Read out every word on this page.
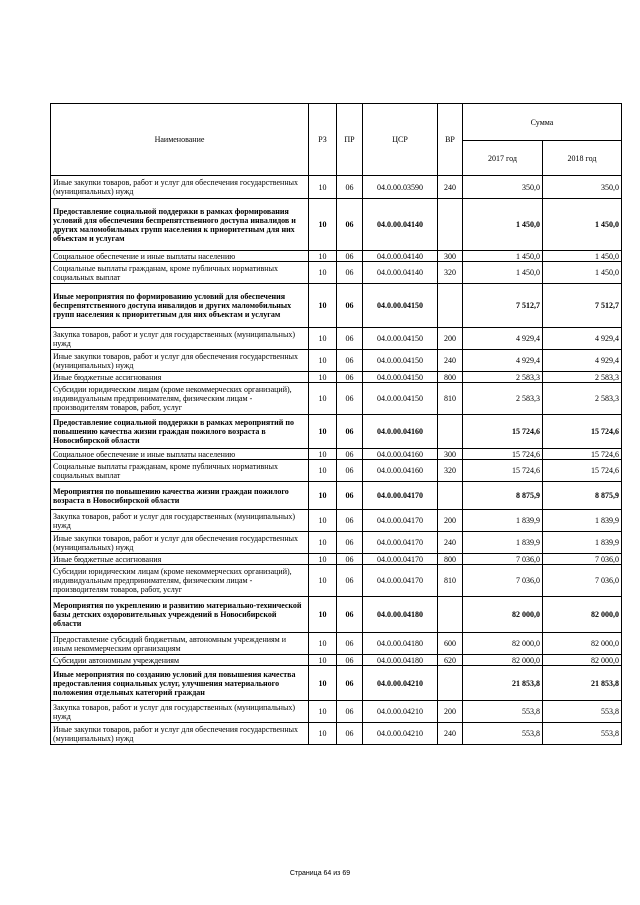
Наименование	РЗ	ПР	ЦСР	ВР	Сумма	
					2017 год	2018 год
Иные закупки товаров, работ и услуг для обеспечения государственных (муниципальных) нужд	10	06	04.0.00.03590	240	350,0	350,0
Предоставление социальной поддержки в рамках формирования условий для обеспечения беспрепятственного доступа инвалидов и других маломобильных групп населения к приоритетным для них объектам и услугам	10	06	04.0.00.04140		1 450,0	1 450,0
Социальное обеспечение и иные выплаты населению	10	06	04.0.00.04140	300	1 450,0	1 450,0
Социальные выплаты гражданам, кроме публичных нормативных социальных выплат	10	06	04.0.00.04140	320	1 450,0	1 450,0
Иные мероприятия по формированию условий для обеспечения беспрепятственного доступа инвалидов и других маломобильных групп населения к приоритетным для них объектам и услугам	10	06	04.0.00.04150		7 512,7	7 512,7
Закупка товаров, работ и услуг для государственных (муниципальных) нужд	10	06	04.0.00.04150	200	4 929,4	4 929,4
Иные закупки товаров, работ и услуг для обеспечения государственных (муниципальных) нужд	10	06	04.0.00.04150	240	4 929,4	4 929,4
Иные бюджетные ассигнования	10	06	04.0.00.04150	800	2 583,3	2 583,3
Субсидии юридическим лицам (кроме некоммерческих организаций), индивидуальным предпринимателям, физическим лицам - производителям товаров, работ, услуг	10	06	04.0.00.04150	810	2 583,3	2 583,3
Предоставление социальной поддержки в рамках мероприятий по повышению качества жизни граждан пожилого возраста в Новосибирской области	10	06	04.0.00.04160		15 724,6	15 724,6
Социальное обеспечение и иные выплаты населению	10	06	04.0.00.04160	300	15 724,6	15 724,6
Социальные выплаты гражданам, кроме публичных нормативных социальных выплат	10	06	04.0.00.04160	320	15 724,6	15 724,6
Мероприятия по повышению качества жизни граждан пожилого возраста в Новосибирской области	10	06	04.0.00.04170		8 875,9	8 875,9
Закупка товаров, работ и услуг для государственных (муниципальных) нужд	10	06	04.0.00.04170	200	1 839,9	1 839,9
Иные закупки товаров, работ и услуг для обеспечения государственных (муниципальных) нужд	10	06	04.0.00.04170	240	1 839,9	1 839,9
Иные бюджетные ассигнования	10	06	04.0.00.04170	800	7 036,0	7 036,0
Субсидии юридическим лицам (кроме некоммерческих организаций), индивидуальным предпринимателям, физическим лицам - производителям товаров, работ, услуг	10	06	04.0.00.04170	810	7 036,0	7 036,0
Мероприятия по укреплению и развитию материально-технической базы детских оздоровительных учреждений в Новосибирской области	10	06	04.0.00.04180		82 000,0	82 000,0
Предоставление субсидий бюджетным, автономным учреждениям и иным некоммерческим организациям	10	06	04.0.00.04180	600	82 000,0	82 000,0
Субсидии автономным учреждениям	10	06	04.0.00.04180	620	82 000,0	82 000,0
Иные мероприятия по созданию условий для повышения качества предоставления социальных услуг, улучшения материального положения отдельных категорий граждан	10	06	04.0.00.04210		21 853,8	21 853,8
Закупка товаров, работ и услуг для государственных (муниципальных) нужд	10	06	04.0.00.04210	200	553,8	553,8
Иные закупки товаров, работ и услуг для обеспечения государственных (муниципальных) нужд	10	06	04.0.00.04210	240	553,8	553,8
Страница 64 из 69
